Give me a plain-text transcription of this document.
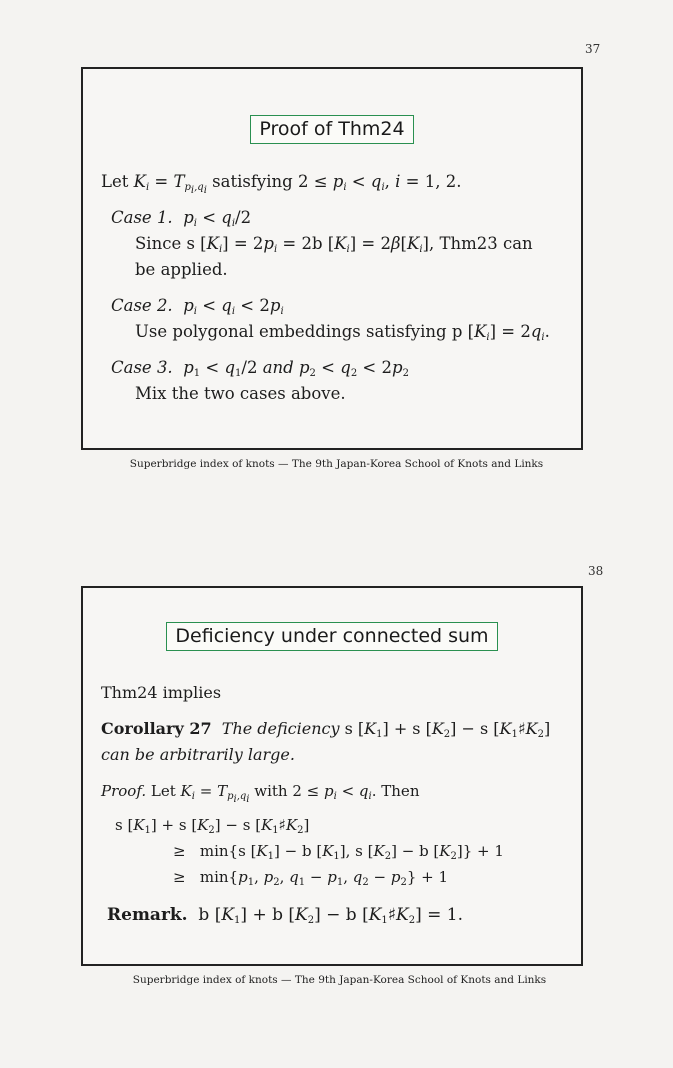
37
Proof of Thm24
Let $K_i = T_{p_i,q_i}$ satisfying $2 \le p_i < q_i$, i = 1, 2.
Case 1. $p_i < q_i/2$
Since s $[K_i] = 2p_i = 2b$ $[K_i] = 2\beta[K_i]$, Thm23 can
be applied.
Case 2. $p_i < q_i < 2p_i$
Use polygonal embeddings satisfying p $[K_i] = 2q_i$.
Case 3. $p_1 < q_1/2$ and $p_2 < q_2 < 2p_2$
Mix the two cases above.
Superbridge index of knots — The 9th Japan-Korea School of Knots and Links
38
Deficiency under connected sum
Thm24 implies
Corollary 27 The deficiency s $[K_1] + s$ $[K_2] - s$ $[K_1♯K_2]$
can be arbitrarily large.
Proof. Let $K_i = T_{p_i,q_i}$ with $2 \le p_i < q_i$. Then
s $[K_1] + s$ $[K_2] - s$ $[K_1♯K_2]$
≥   min{s $[K_1] - b$ $[K_1]$, s $[K_2] - b$ $[K_2]\} + 1$
≥   $\min\{p_1$, $p_2$, $q_1 - p_1$, $q_2 - p_2\} + 1$
Remark.  b $[K_1] + b$ $[K_2] - b$ $[K_1♯K_2] = 1$.
Superbridge index of knots — The 9th Japan-Korea School of Knots and Links
